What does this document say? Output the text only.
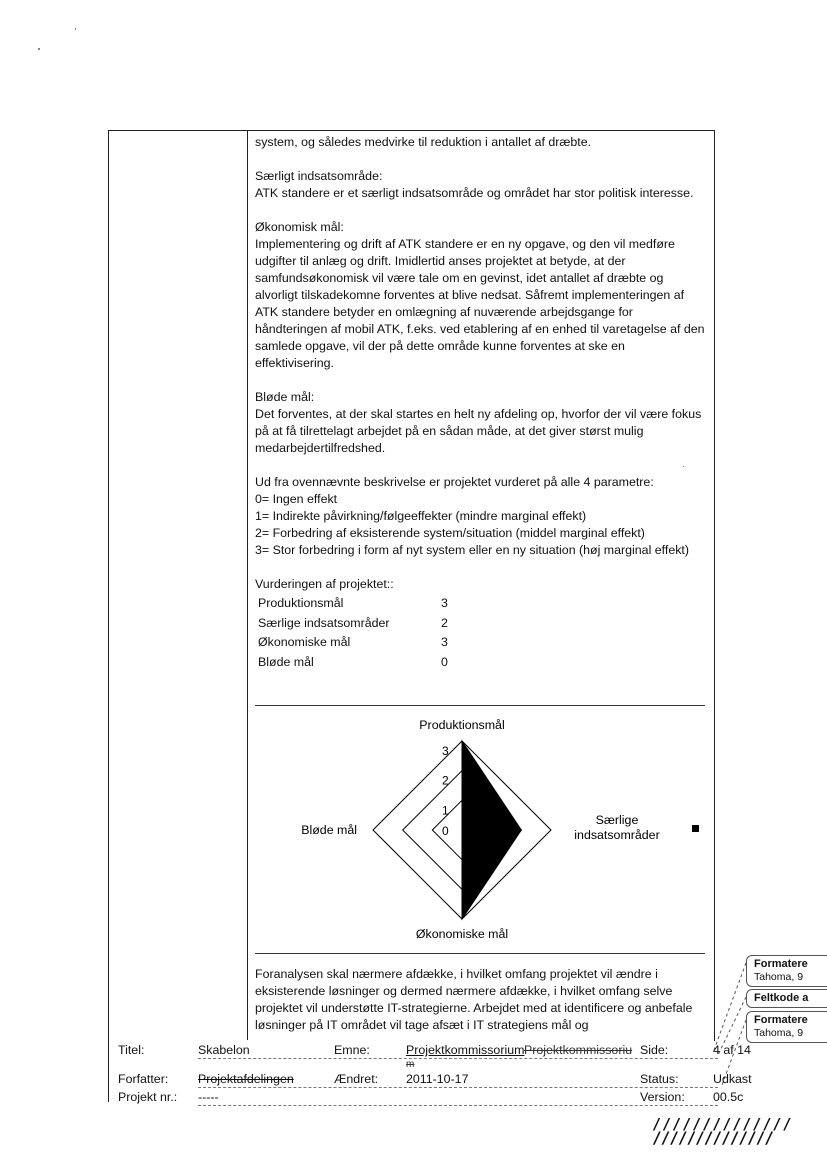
system, og således medvirke til reduktion i antallet af dræbte.

Særligt indsatsområde:

ATK standere er et særligt indsatsområde og området har stor politisk interesse.

Økonomisk mål:

Implementering og drift af ATK standere er en ny opgave, og den vil medføre udgifter til anlæg og drift. Imidlertid anses projektet at betyde, at der samfundsøkonomisk vil være tale om en gevinst, idet antallet af dræbte og alvorligt tilskadekomne forventes at blive nedsat. Såfremt implementeringen af ATK standere betyder en omlægning af nuværende arbejdsgange for håndteringen af mobil ATK, f.eks. ved etablering af en enhed til varetagelse af den samlede opgave, vil der på dette område kunne forventes at ske en effektivisering.

Bløde mål:

Det forventes, at der skal startes en helt ny afdeling op, hvorfor der vil være fokus på at få tilrettelagt arbejdet på en sådan måde, at det giver størst mulig medarbejdertilfredshed.

Ud fra ovennævnte beskrivelse er projektet vurderet på alle 4 parametre:

0= Ingen effekt

1= Indirekte påvirkning/følgeeffekter (mindre marginal effekt)

2= Forbedring af eksisterende system/situation (middel marginal effekt)

3= Stor forbedring i form af nyt system eller en ny situation (høj marginal effekt)

Vurderingen af projektet::

Produktionsmål	3
Særlige indsatsområder	2
Økonomiske mål	3
Bløde mål	0
0
1
2
3
Produktionsmål
Særlige
indsatsområder
Økonomiske mål
Bløde mål

Foranalysen skal nærmere afdække, i hvilket omfang projektet vil ændre i eksisterende løsninger og dermed nærmere afdække, i hvilket omfang selve projektet vil understøtte IT-strategierne. Arbejdet med at identificere og anbefale løsninger på IT området vil tage afsæt i IT strategiens mål og

Formatere
Tahoma, 9
Feltkode a
Formatere
Tahoma, 9
Titel:	Skabelon	Emne:	Projektkommissorium Projektkommissoriu
m
Side:	4 af 14
Forfatter: Projektafdelingen	Ændret: 2011-10-17	Status:	Udkast
Projekt nr.: -----	Version: 00.5c
//////////////
//////////////
